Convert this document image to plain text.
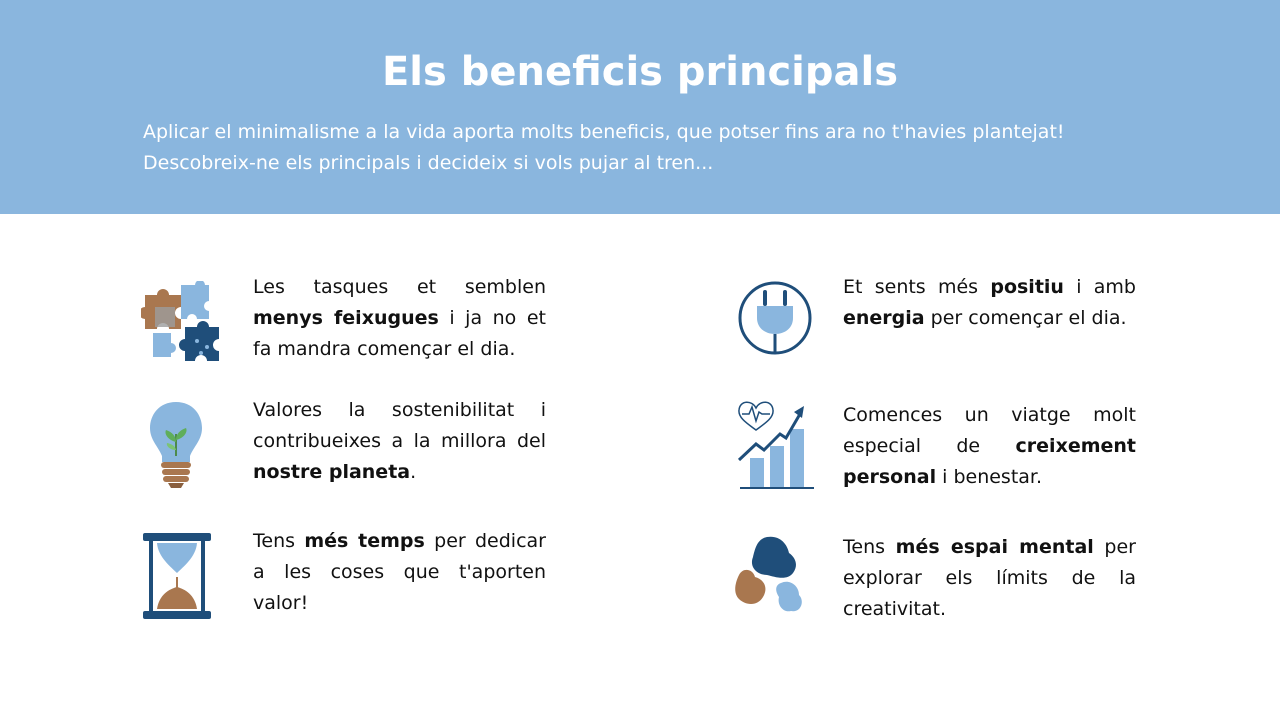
Els beneficis principals

Aplicar el minimalisme a la vida aporta molts beneficis, que potser fins ara no t'havies plantejat! Descobreix-ne els principals i decideix si vols pujar al tren...

Les tasques et semblen menys feixugues i ja no et fa mandra començar el dia.

Valores la sostenibilitat i contribueixes a la millora del nostre planeta.

Tens més temps per dedicar a les coses que t'aporten valor!

Et sents més positiu i amb energia per començar el dia.

Comences un viatge molt especial de creixement personal i benestar.

Tens més espai mental per explorar els límits de la creativitat.
